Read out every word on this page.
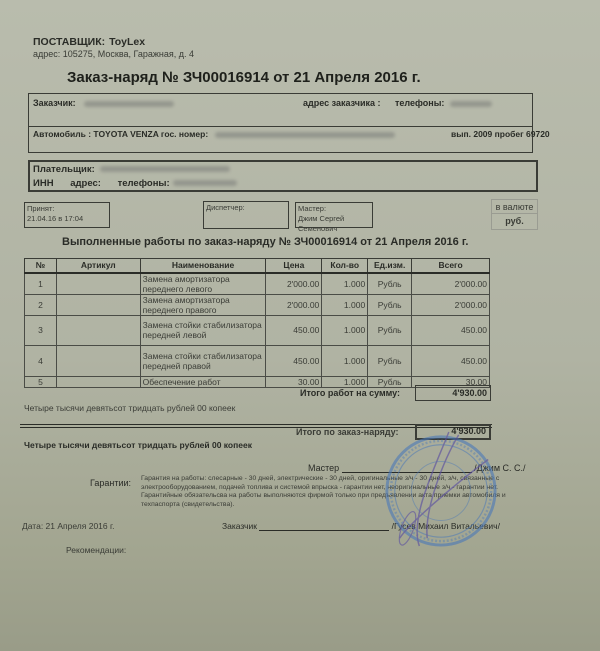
ПОСТАВЩИК: ToyLex
адрес: 105275, Москва, Гаражная, д. 4
Заказ-наряд № ЗЧ00016914 от 21 Апреля 2016 г.
Заказчик:	адрес заказчика : телефоны:
Автомобиль : TOYOTA VENZA гос. номер:	вып. 2009 пробег 69720
Плательщик:
ИНН адрес: телефоны:
Принят:
21.04.16 в 17:04
Диспетчер:	Мастер:
Джим Сергей
Семенович
в валюте
руб.
Выполненные работы по заказ-наряду № ЗЧ00016914 от 21 Апреля 2016 г.
№	Артикул	Наименование	Цена	Кол-во	Ед.изм.	Всего
1		Замена амортизатора переднего левого	2'000.00	1.000	Рубль	2'000.00
2		Замена амортизатора переднего правого	2'000.00	1.000	Рубль	2'000.00
3		Замена стойки стабилизатора передней левой	450.00	1.000	Рубль	450.00
4		Замена стойки стабилизатора передней правой	450.00	1.000	Рубль	450.00
5		Обеспечение работ	30.00	1.000	Рубль	30.00
Итого работ на сумму:	4'930.00
Четыре тысячи девятьсот тридцать рублей 00 копеек
Итого по заказ-наряду:	4'930.00
Четыре тысячи девятьсот тридцать рублей 00 копеек
Мастер	/Джим С. С./
Гарантии: Гарантия на работы: слесарные - 30 дней, электрические - 30 дней, оригинальные з/ч - 30 дней, з/ч, связанные с электрооборудованием, подачей топлива и системой впрыска - гарантии нет, неоригинальные з/ч - гарантии нет. Гарантийные обязательсва на работы выполняются фирмой только при предъявлении акта приемки автомобиля и техпаспорта (свидетельства).
Дата: 21 Апреля 2016 г.	Заказчик	/Гусев Михаил Витальевич/
Рекомендации:
